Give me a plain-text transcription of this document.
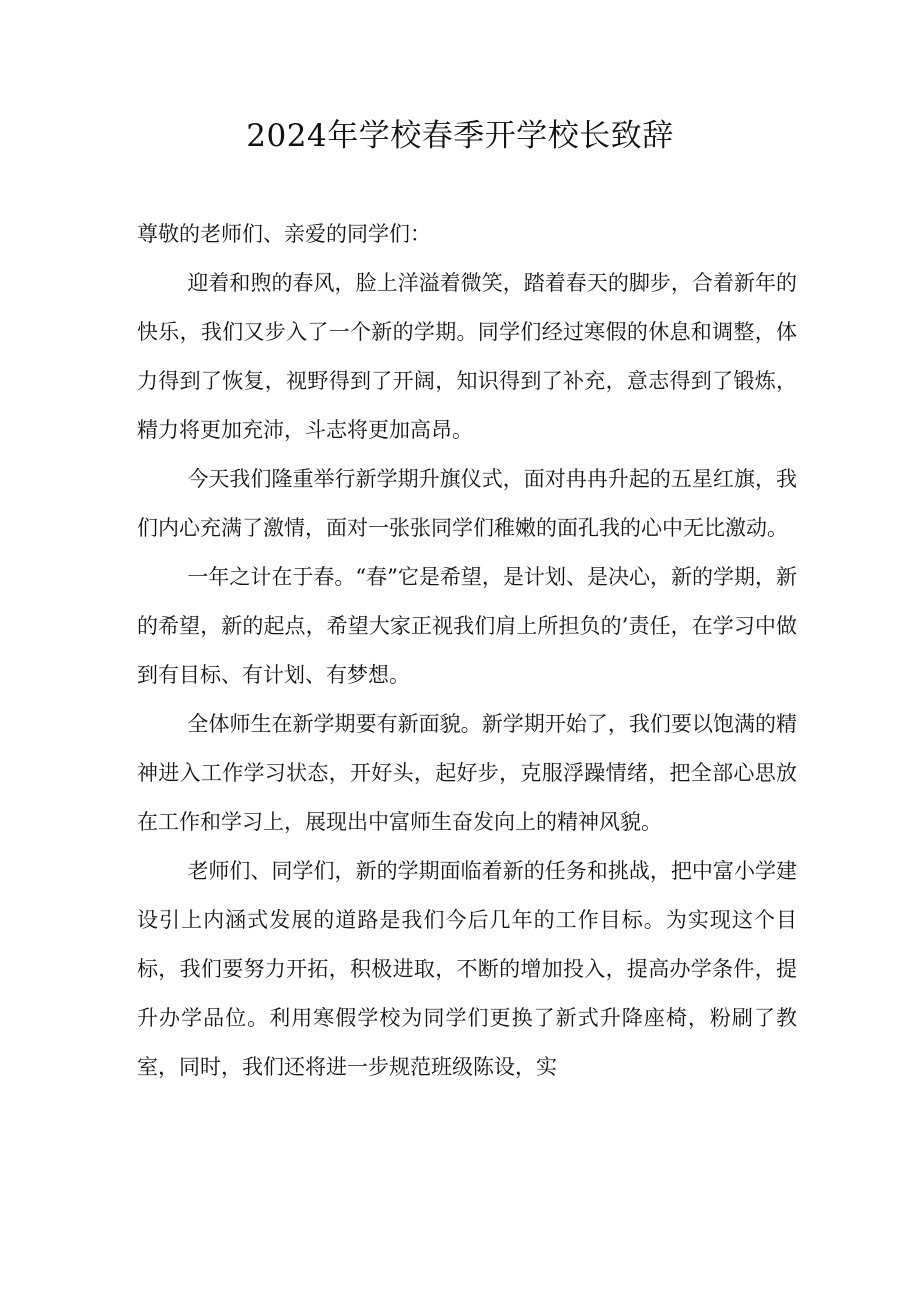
2024年学校春季开学校长致辞

尊敬的老师们、亲爱的同学们：

迎着和煦的春风，脸上洋溢着微笑，踏着春天的脚步，合着新年的快乐，我们又步入了一个新的学期。同学们经过寒假的休息和调整，体力得到了恢复，视野得到了开阔，知识得到了补充，意志得到了锻炼，精力将更加充沛，斗志将更加高昂。

今天我们隆重举行新学期升旗仪式，面对冉冉升起的五星红旗，我们内心充满了激情，面对一张张同学们稚嫩的面孔我的心中无比激动。

一年之计在于春。“春”它是希望，是计划、是决心，新的学期，新的希望，新的起点，希望大家正视我们肩上所担负的’责任，在学习中做到有目标、有计划、有梦想。

全体师生在新学期要有新面貌。新学期开始了，我们要以饱满的精神进入工作学习状态，开好头，起好步，克服浮躁情绪，把全部心思放在工作和学习上，展现出中富师生奋发向上的精神风貌。

老师们、同学们，新的学期面临着新的任务和挑战，把中富小学建设引上内涵式发展的道路是我们今后几年的工作目标。为实现这个目标，我们要努力开拓，积极进取，不断的增加投入，提高办学条件，提升办学品位。利用寒假学校为同学们更换了新式升降座椅，粉刷了教室，同时，我们还将进一步规范班级陈设，实
